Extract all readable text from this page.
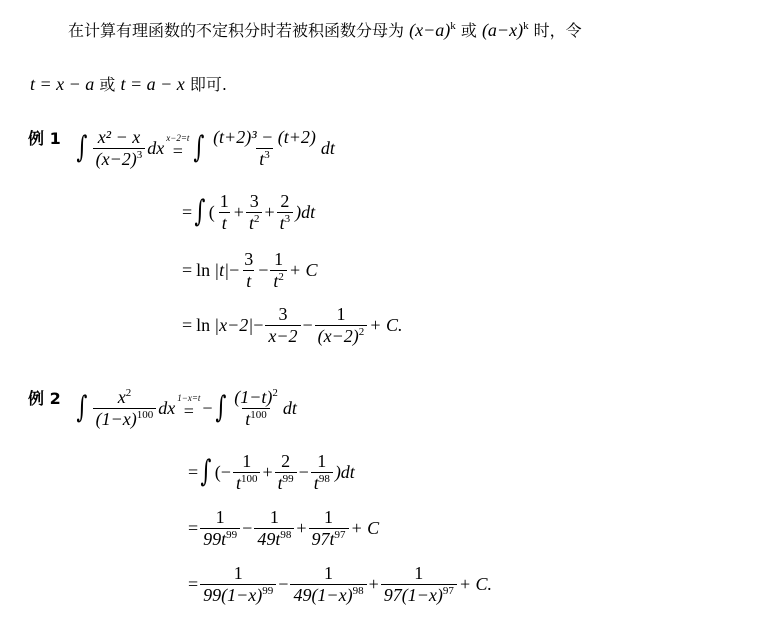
在计算有理函数的不定积分时若被积函数分母为 $(x-a)^k$ 或 $(a-x)^k$ 时，令
t = x − a 或 t = a − x 即可.
例 1 ∫ $\frac{\text{x² − x}}{(x-2)^3}$ dx x−2=t
= ∫ $\frac{\text{(t+2)³ − (t+2)}}{t^3}$ dt
= ∫ ( $\frac{1}{t} + \frac{3}{t^2} + \frac{2}{t^3} )dt$
= $\ln |t| - \frac{3}{t} - \frac{1}{t^2} + C$
= $\ln |x-2| - \frac{3}{x-2} - \frac{1}{(x-2)^2} + C$.
例 2 ∫ $\frac{x^2}{(1-x)^{100}}$ dx 1−x=t
= − ∫ $\frac{(1-t)^2}{t^{100}}$ dt
= ∫ (− $\frac{1}{t^{100}} + \frac{2}{t^{99}} - \frac{1}{t^{98}} )dt$
= $\frac{1}{99t^{99}} - \frac{1}{49t^{98}} + \frac{1}{97t^{97}} + C$
= $\frac{1}{99(1-x)^{99}} - \frac{1}{49(1-x)^{98}} + \frac{1}{97(1-x)^{97}} + C$.
